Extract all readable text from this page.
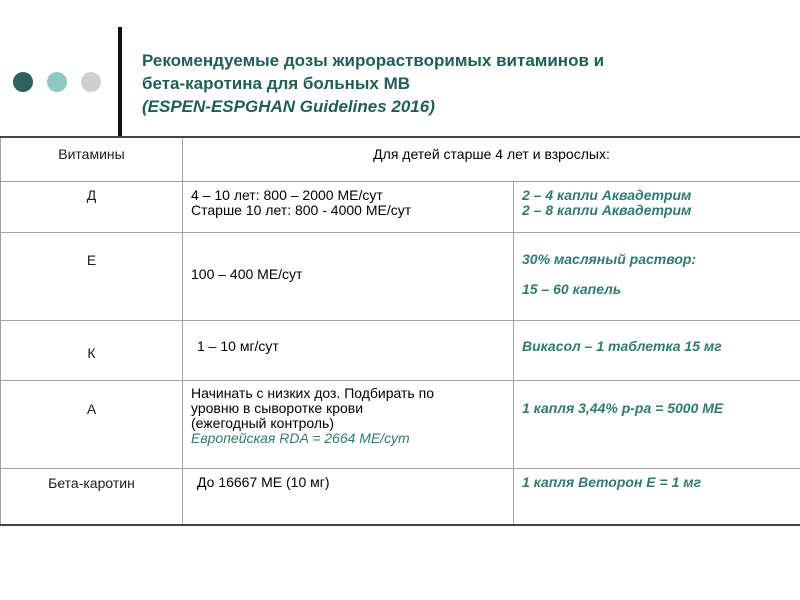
Рекомендуемые дозы жирорастворимых витаминов и
бета-каротина для больных МВ
(ESPEN-ESPGHAN Guidelines 2016)
Витамины	Для детей старше 4 лет и взрослых:	
Д	4 – 10 лет: 800 – 2000 МЕ/сут
Старше 10 лет: 800 - 4000 МЕ/сут	2 – 4 капли Аквадетрим
2 – 8 капли Аквадетрим

Е	100 – 400 МЕ/сут	30% масляный раствор:
15 – 60 капель

К	1 – 10 мг/сут	Викасол – 1 таблетка 15 мг

А	Начинать с низких доз. Подбирать по
уровню в сыворотке крови
(ежегодный контроль)
Европейская RDA = 2664 МЕ/сут	1 капля 3,44% р-ра = 5000 МЕ

Бета-каротин	До 16667 МЕ (10 мг)	1 капля Веторон Е = 1 мг
